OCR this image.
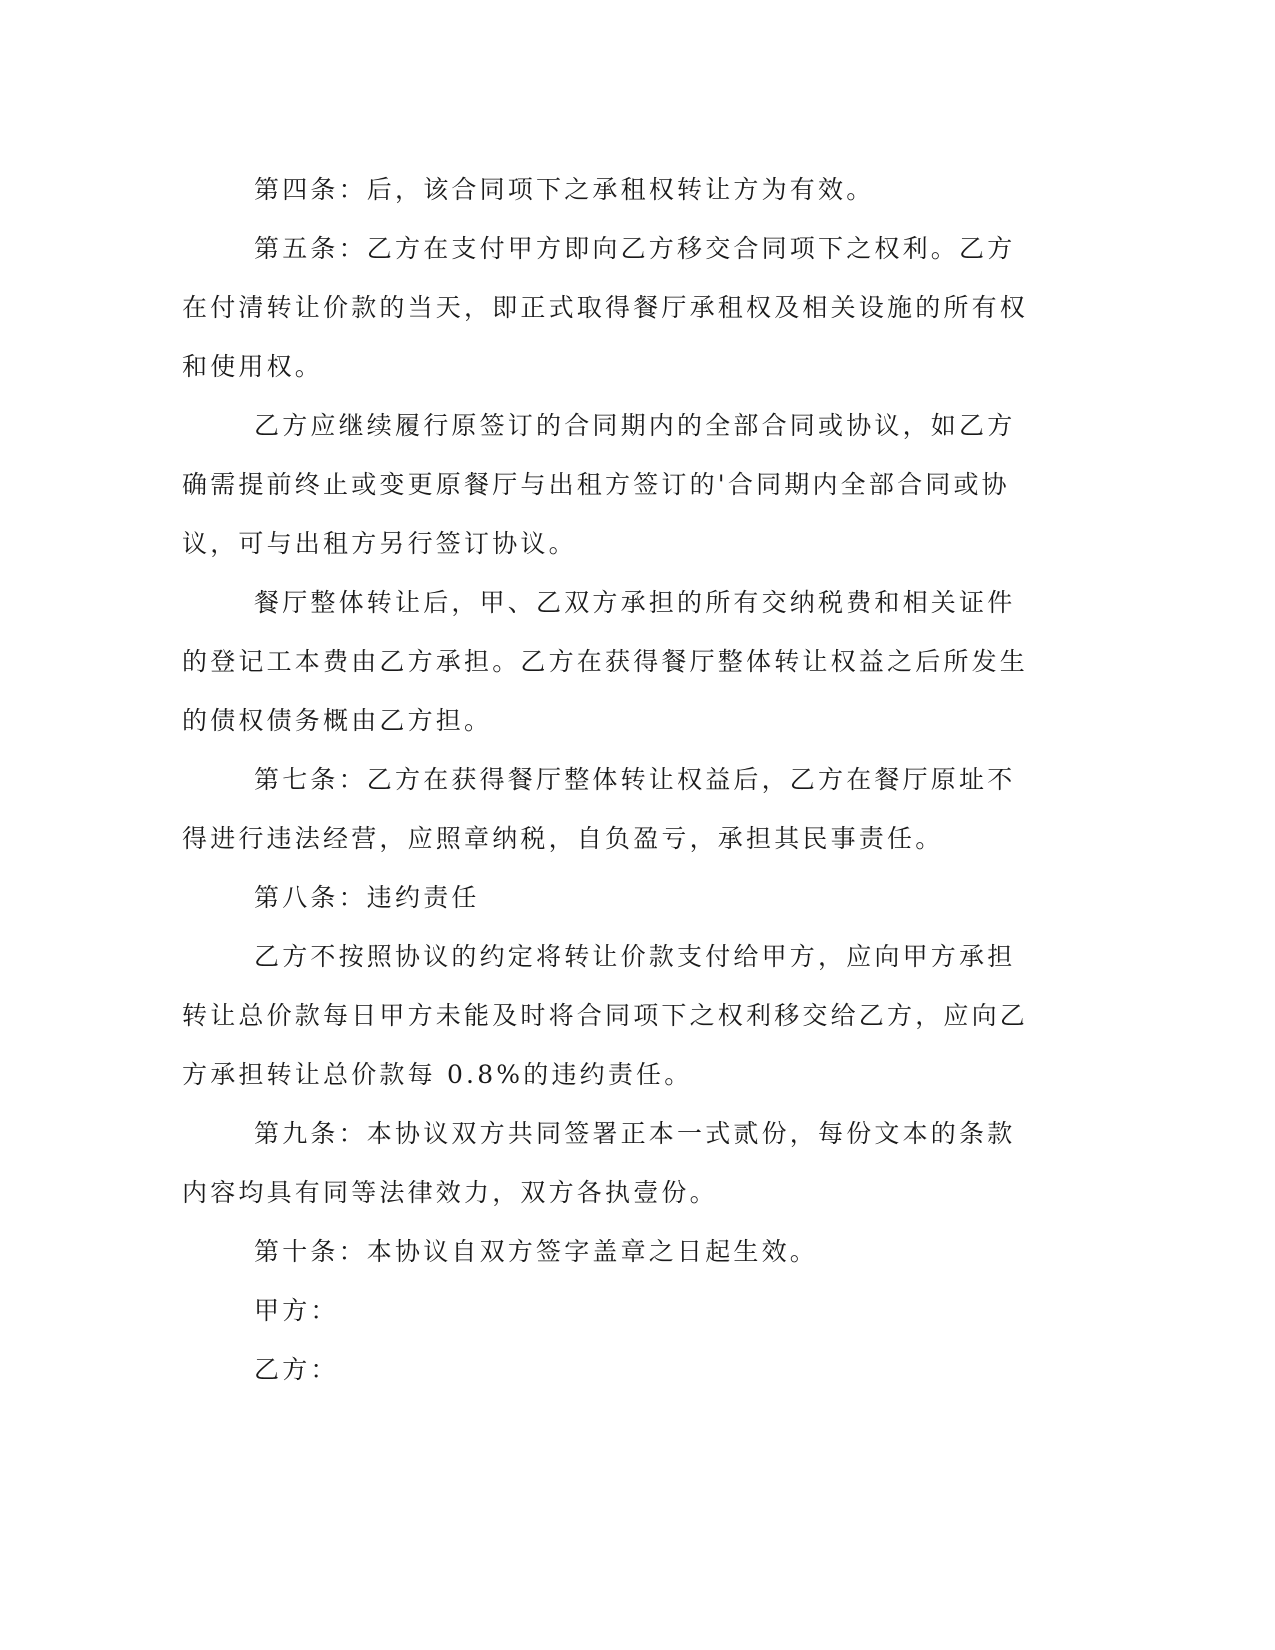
第四条：后，该合同项下之承租权转让方为有效。

第五条：乙方在支付甲方即向乙方移交合同项下之权利。乙方在付清转让价款的当天，即正式取得餐厅承租权及相关设施的所有权和使用权。

乙方应继续履行原签订的合同期内的全部合同或协议，如乙方确需提前终止或变更原餐厅与出租方签订的'合同期内全部合同或协议，可与出租方另行签订协议。

餐厅整体转让后，甲、乙双方承担的所有交纳税费和相关证件的登记工本费由乙方承担。乙方在获得餐厅整体转让权益之后所发生的债权债务概由乙方担。

第七条：乙方在获得餐厅整体转让权益后，乙方在餐厅原址不得进行违法经营，应照章纳税，自负盈亏，承担其民事责任。

第八条：违约责任

乙方不按照协议的约定将转让价款支付给甲方，应向甲方承担转让总价款每日甲方未能及时将合同项下之权利移交给乙方，应向乙方承担转让总价款每 0.8%的违约责任。

第九条：本协议双方共同签署正本一式贰份，每份文本的条款内容均具有同等法律效力，双方各执壹份。

第十条：本协议自双方签字盖章之日起生效。

甲方：

乙方：
